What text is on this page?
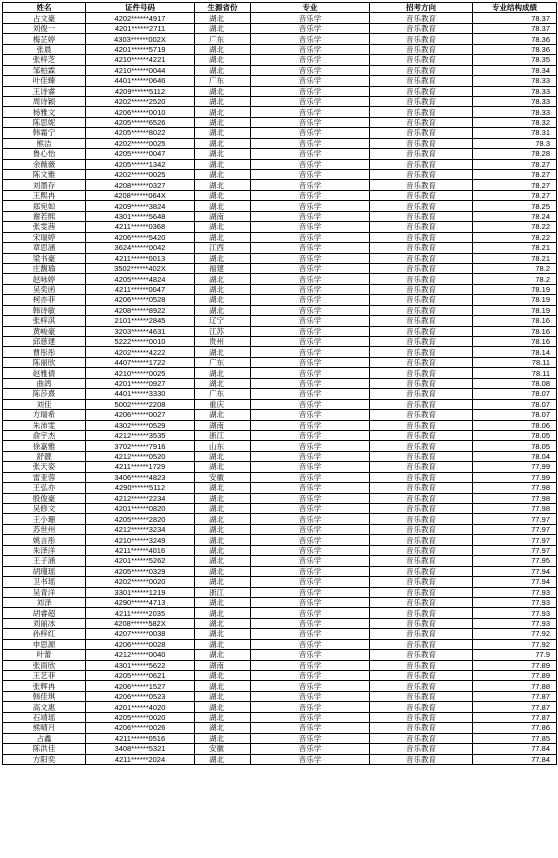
姓名	证件号码	生源省份	专业	招考方向	专业结构成绩
占文豪	4202******4917	湖北	音乐学	音乐教育	78.37
刘俊一	4201******2711	湖北	音乐学	音乐教育	78.37
梅芷婷	4303******002X	广东	音乐学	音乐教育	78.36
张晨	4201******5719	湖北	音乐学	音乐教育	78.36
张梓芝	4210******4221	湖北	音乐学	音乐教育	78.35
邹柏霖	4210******0044	湖北	音乐学	音乐教育	78.34
叶佳臻	4401******0646	广东	音乐学	音乐教育	78.33
王诗睿	4209******5112	湖北	音乐学	音乐教育	78.33
周诗颖	4202******2520	湖北	音乐学	音乐教育	78.33
杨雅文	4206******0010	湖北	音乐学	音乐教育	78.33
陈思妮	4205******6526	湖北	音乐学	音乐教育	78.32
韩霜宁	4205******8022	湖北	音乐学	音乐教育	78.31
熊洁	4202******0025	湖北	音乐学	音乐教育	78.3
鲁心怡	4205******0047	湖北	音乐学	音乐教育	78.28
余薇薇	4205******1342	湖北	音乐学	音乐教育	78.27
陈文雅	4202******0025	湖北	音乐学	音乐教育	78.27
刘墨存	4208******0327	湖北	音乐学	音乐教育	78.27
王熙冉	4208******064X	湖北	音乐学	音乐教育	78.27
郑宛如	4209******3824	湖北	音乐学	音乐教育	78.25
谢若熙	4301******5648	湖南	音乐学	音乐教育	78.24
张雯茜	4211******0368	湖北	音乐学	音乐教育	78.22
宋瑞婷	4206******5420	湖北	音乐学	音乐教育	78.22
章思涵	3624******0042	江西	音乐学	音乐教育	78.21
梁书豪	4211******0013	湖北	音乐学	音乐教育	78.21
庄馥瑜	3502******402X	福建	音乐学	音乐教育	78.2
赵咏婷	4205******4824	湖北	音乐学	音乐教育	78.2
吴奕函	4211******0047	湖北	音乐学	音乐教育	78.19
柯亦菲	4206******0528	湖北	音乐学	音乐教育	78.19
韩诗敏	4208******8922	湖北	音乐学	音乐教育	78.19
张梓淇	2101******2845	辽宁	音乐学	音乐教育	78.16
黄峻豪	3203******4631	江苏	音乐学	音乐教育	78.16
邱慈建	5222******0010	贵州	音乐学	音乐教育	78.16
曹彤彤	4202******4222	湖北	音乐学	音乐教育	78.14
陈丽欣	4407******1722	广东	音乐学	音乐教育	78.11
赵雅倩	4210******0025	湖北	音乐学	音乐教育	78.11
曲鸽	4201******0927	湖北	音乐学	音乐教育	78.08
陈莎熹	4401******3330	广东	音乐学	音乐教育	78.07
刘佳	5002******2208	重庆	音乐学	音乐教育	78.07
方瑞希	4206******0027	湖北	音乐学	音乐教育	78.07
朱沛雯	4302******0529	湖南	音乐学	音乐教育	78.06
俞宇杰	4212******3535	浙江	音乐学	音乐教育	78.05
徐嘉雅	3702******7916	山东	音乐学	音乐教育	78.05
舒靓	4212******0520	湖北	音乐学	音乐教育	78.04
张天姿	4211******1729	湖北	音乐学	音乐教育	77.99
雷亚蓉	3406******4823	安徽	音乐学	音乐教育	77.99
王弘亦	4290******5112	湖北	音乐学	音乐教育	77.98
殷俊豪	4212******2234	湖北	音乐学	音乐教育	77.98
吴修文	4201******0820	湖北	音乐学	音乐教育	77.98
王小珊	4205******2820	湖北	音乐学	音乐教育	77.97
苏世州	4212******3234	湖北	音乐学	音乐教育	77.97
姚言彤	4210******3249	湖北	音乐学	音乐教育	77.97
朱泽洋	4211******4016	湖北	音乐学	音乐教育	77.97
王子涵	4201******5262	湖北	音乐学	音乐教育	77.95
胡瑾瑶	4205******0329	湖北	音乐学	音乐教育	77.94
卫书瑶	4202******0020	湖北	音乐学	音乐教育	77.94
吴青洋	3301******1219	浙江	音乐学	音乐教育	77.93
刘泽	4290******4713	湖北	音乐学	音乐教育	77.93
胡睿超	4211******2035	湖北	音乐学	音乐教育	77.93
刘丽冰	4208******582X	湖北	音乐学	音乐教育	77.93
孙梓红	4207******0038	湖北	音乐学	音乐教育	77.92
申思源	4206******0028	湖北	音乐学	音乐教育	77.92
叶蕾	4212******0040	湖北	音乐学	音乐教育	77.9
张雨欣	4301******5622	湖南	音乐学	音乐教育	77.89
王艺菲	4205******0621	湖北	音乐学	音乐教育	77.89
张辉冉	4206******1527	湖北	音乐学	音乐教育	77.88
韩佳琪	4206******0523	湖北	音乐学	音乐教育	77.87
高文惠	4201******4020	湖北	音乐学	音乐教育	77.87
石靖瑶	4205******0020	湖北	音乐学	音乐教育	77.87
熊晴月	4206******0026	湖北	音乐学	音乐教育	77.86
占鑫	4211******0516	湖北	音乐学	音乐教育	77.85
陈洪佳	3408******5321	安徽	音乐学	音乐教育	77.84
方阳奕	4211******2024	湖北	音乐学	音乐教育	77.84
